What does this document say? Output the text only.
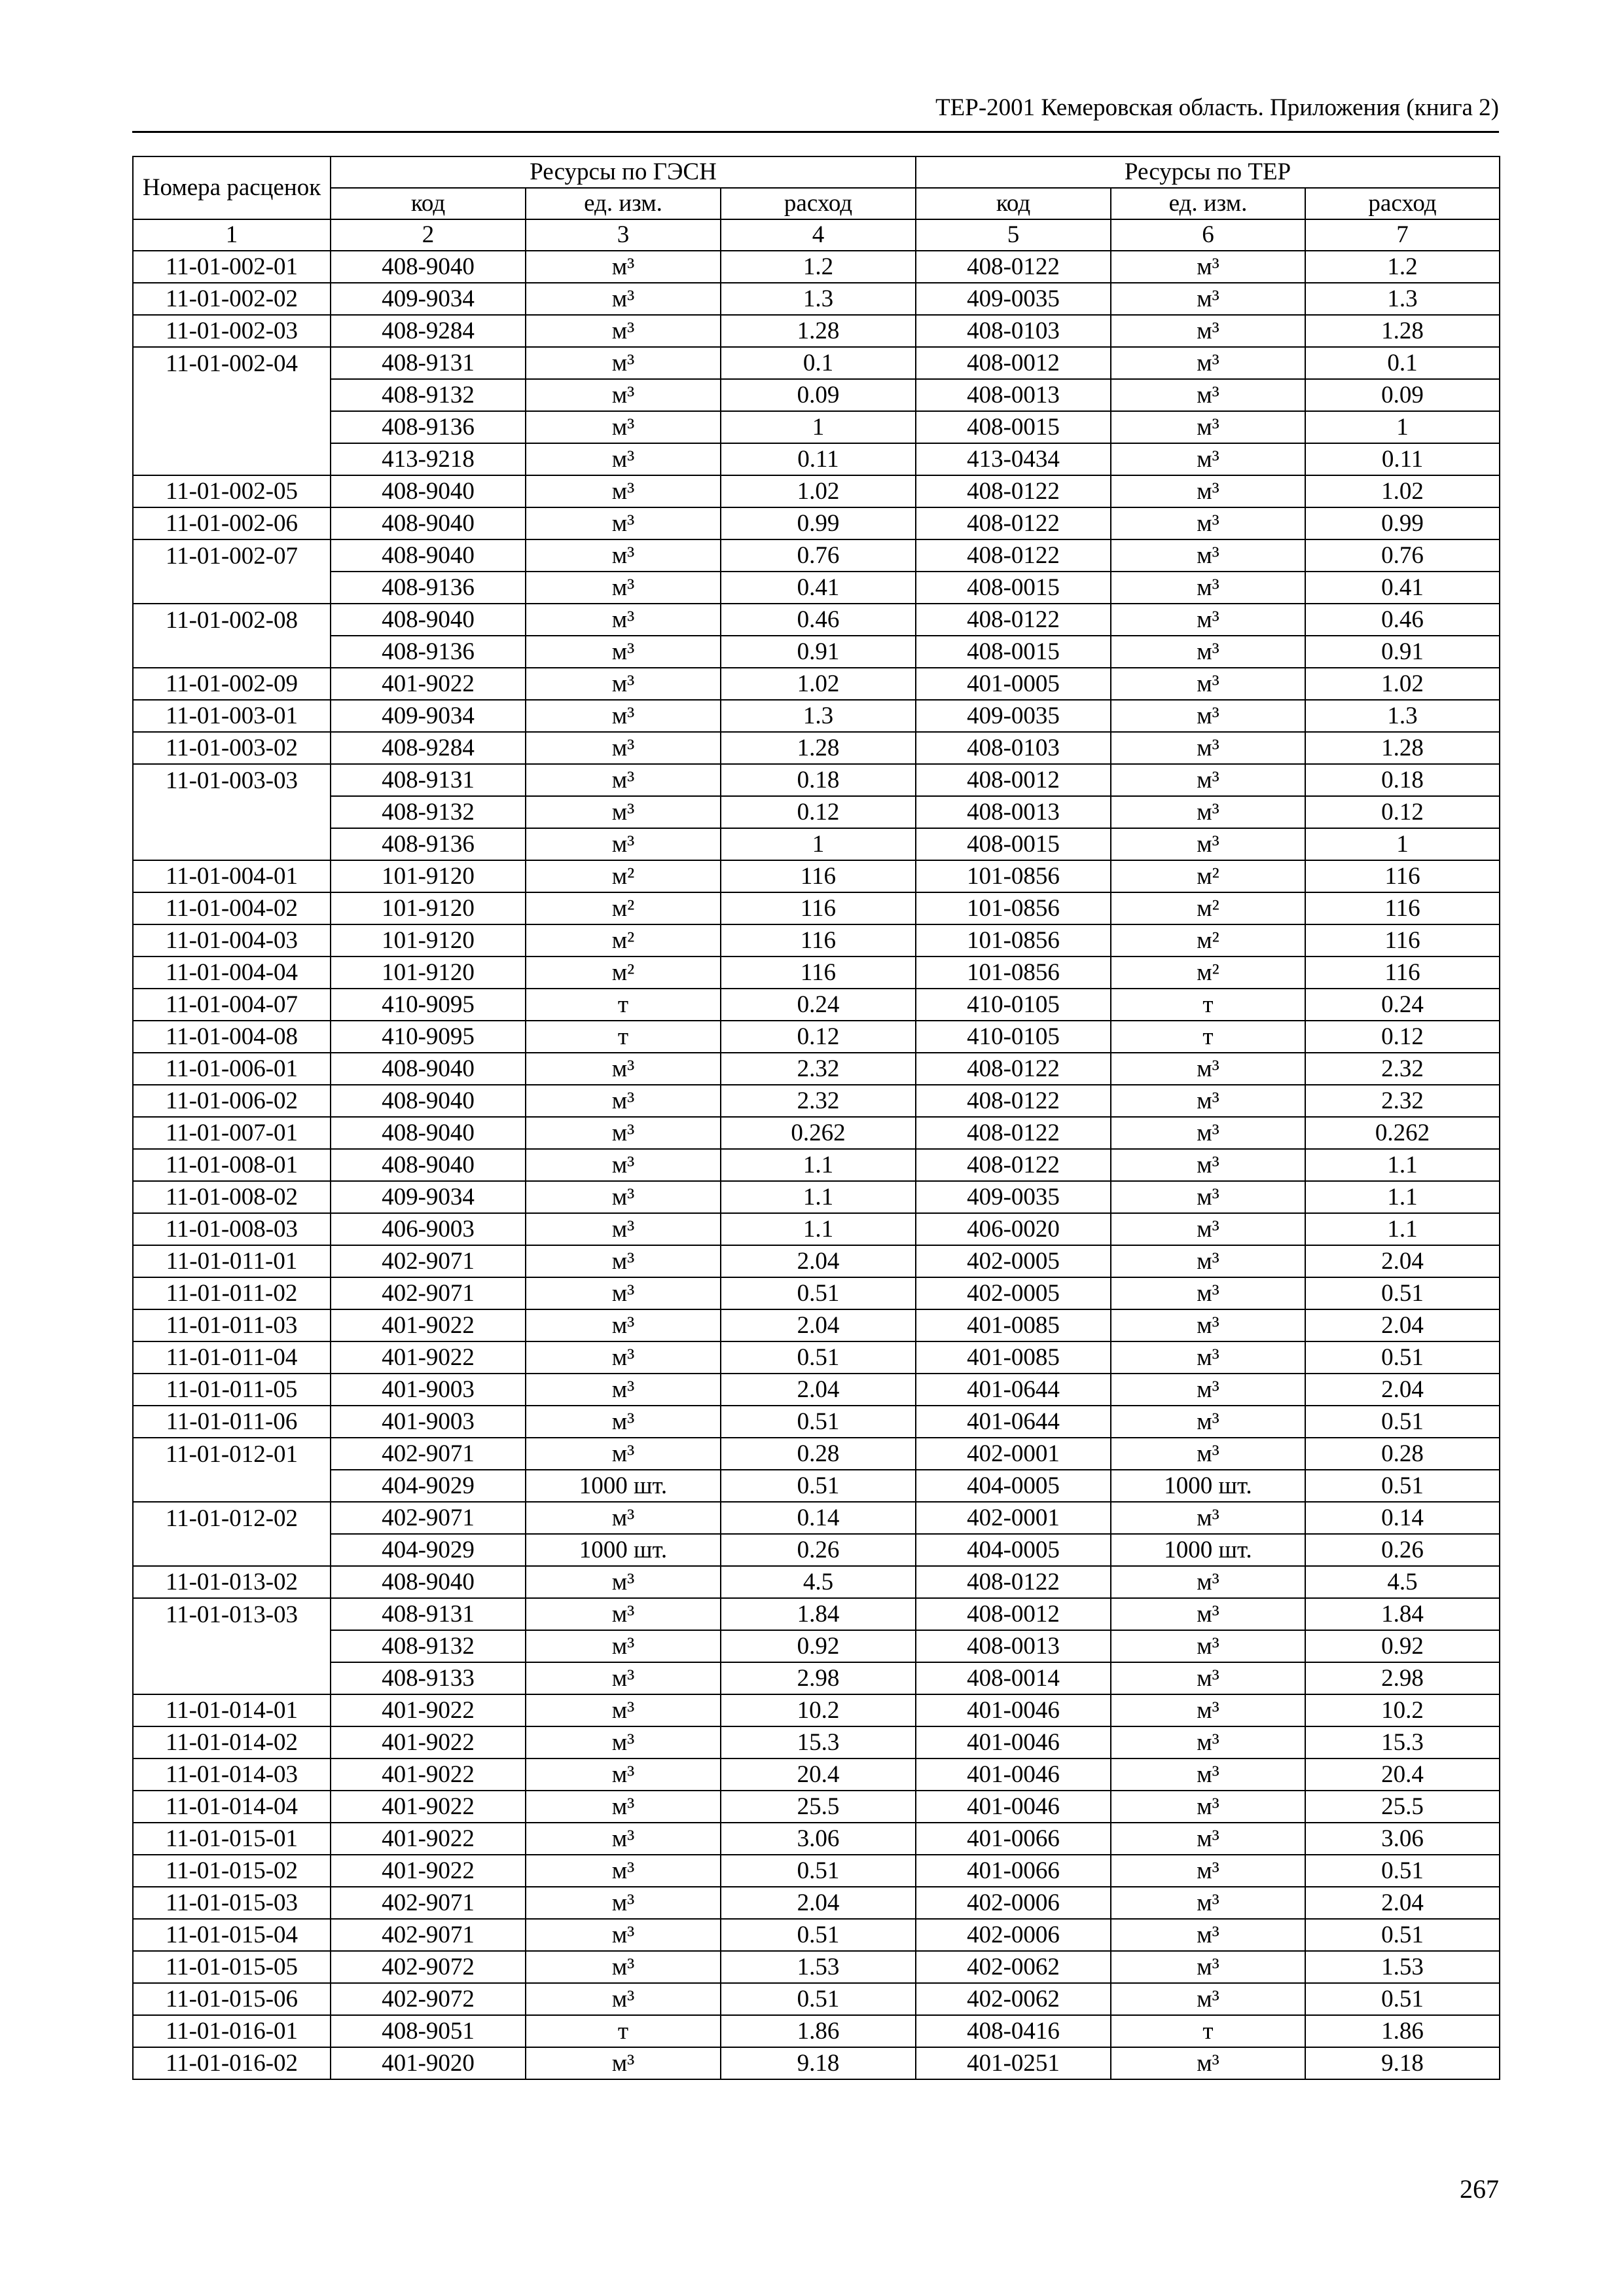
ТЕР-2001 Кемеровская область. Приложения (книга 2)
Номера расценок	Ресурсы по ГЭСН			Ресурсы по ТЕР		
	код	ед. изм.	расход	код	ед. изм.	расход
1	2	3	4	5	6	7
11-01-002-01	408-9040	м³	1.2	408-0122	м³	1.2
11-01-002-02	409-9034	м³	1.3	409-0035	м³	1.3
11-01-002-03	408-9284	м³	1.28	408-0103	м³	1.28
11-01-002-04	408-9131	м³	0.1	408-0012	м³	0.1
	408-9132	м³	0.09	408-0013	м³	0.09
	408-9136	м³	1	408-0015	м³	1
	413-9218	м³	0.11	413-0434	м³	0.11
11-01-002-05	408-9040	м³	1.02	408-0122	м³	1.02
11-01-002-06	408-9040	м³	0.99	408-0122	м³	0.99
11-01-002-07	408-9040	м³	0.76	408-0122	м³	0.76
	408-9136	м³	0.41	408-0015	м³	0.41
11-01-002-08	408-9040	м³	0.46	408-0122	м³	0.46
	408-9136	м³	0.91	408-0015	м³	0.91
11-01-002-09	401-9022	м³	1.02	401-0005	м³	1.02
11-01-003-01	409-9034	м³	1.3	409-0035	м³	1.3
11-01-003-02	408-9284	м³	1.28	408-0103	м³	1.28
11-01-003-03	408-9131	м³	0.18	408-0012	м³	0.18
	408-9132	м³	0.12	408-0013	м³	0.12
	408-9136	м³	1	408-0015	м³	1
11-01-004-01	101-9120	м²	116	101-0856	м²	116
11-01-004-02	101-9120	м²	116	101-0856	м²	116
11-01-004-03	101-9120	м²	116	101-0856	м²	116
11-01-004-04	101-9120	м²	116	101-0856	м²	116
11-01-004-07	410-9095	т	0.24	410-0105	т	0.24
11-01-004-08	410-9095	т	0.12	410-0105	т	0.12
11-01-006-01	408-9040	м³	2.32	408-0122	м³	2.32
11-01-006-02	408-9040	м³	2.32	408-0122	м³	2.32
11-01-007-01	408-9040	м³	0.262	408-0122	м³	0.262
11-01-008-01	408-9040	м³	1.1	408-0122	м³	1.1
11-01-008-02	409-9034	м³	1.1	409-0035	м³	1.1
11-01-008-03	406-9003	м³	1.1	406-0020	м³	1.1
11-01-011-01	402-9071	м³	2.04	402-0005	м³	2.04
11-01-011-02	402-9071	м³	0.51	402-0005	м³	0.51
11-01-011-03	401-9022	м³	2.04	401-0085	м³	2.04
11-01-011-04	401-9022	м³	0.51	401-0085	м³	0.51
11-01-011-05	401-9003	м³	2.04	401-0644	м³	2.04
11-01-011-06	401-9003	м³	0.51	401-0644	м³	0.51
11-01-012-01	402-9071	м³	0.28	402-0001	м³	0.28
	404-9029	1000 шт.	0.51	404-0005	1000 шт.	0.51
11-01-012-02	402-9071	м³	0.14	402-0001	м³	0.14
	404-9029	1000 шт.	0.26	404-0005	1000 шт.	0.26
11-01-013-02	408-9040	м³	4.5	408-0122	м³	4.5
11-01-013-03	408-9131	м³	1.84	408-0012	м³	1.84
	408-9132	м³	0.92	408-0013	м³	0.92
	408-9133	м³	2.98	408-0014	м³	2.98
11-01-014-01	401-9022	м³	10.2	401-0046	м³	10.2
11-01-014-02	401-9022	м³	15.3	401-0046	м³	15.3
11-01-014-03	401-9022	м³	20.4	401-0046	м³	20.4
11-01-014-04	401-9022	м³	25.5	401-0046	м³	25.5
11-01-015-01	401-9022	м³	3.06	401-0066	м³	3.06
11-01-015-02	401-9022	м³	0.51	401-0066	м³	0.51
11-01-015-03	402-9071	м³	2.04	402-0006	м³	2.04
11-01-015-04	402-9071	м³	0.51	402-0006	м³	0.51
11-01-015-05	402-9072	м³	1.53	402-0062	м³	1.53
11-01-015-06	402-9072	м³	0.51	402-0062	м³	0.51
11-01-016-01	408-9051	т	1.86	408-0416	т	1.86
11-01-016-02	401-9020	м³	9.18	401-0251	м³	9.18
267
